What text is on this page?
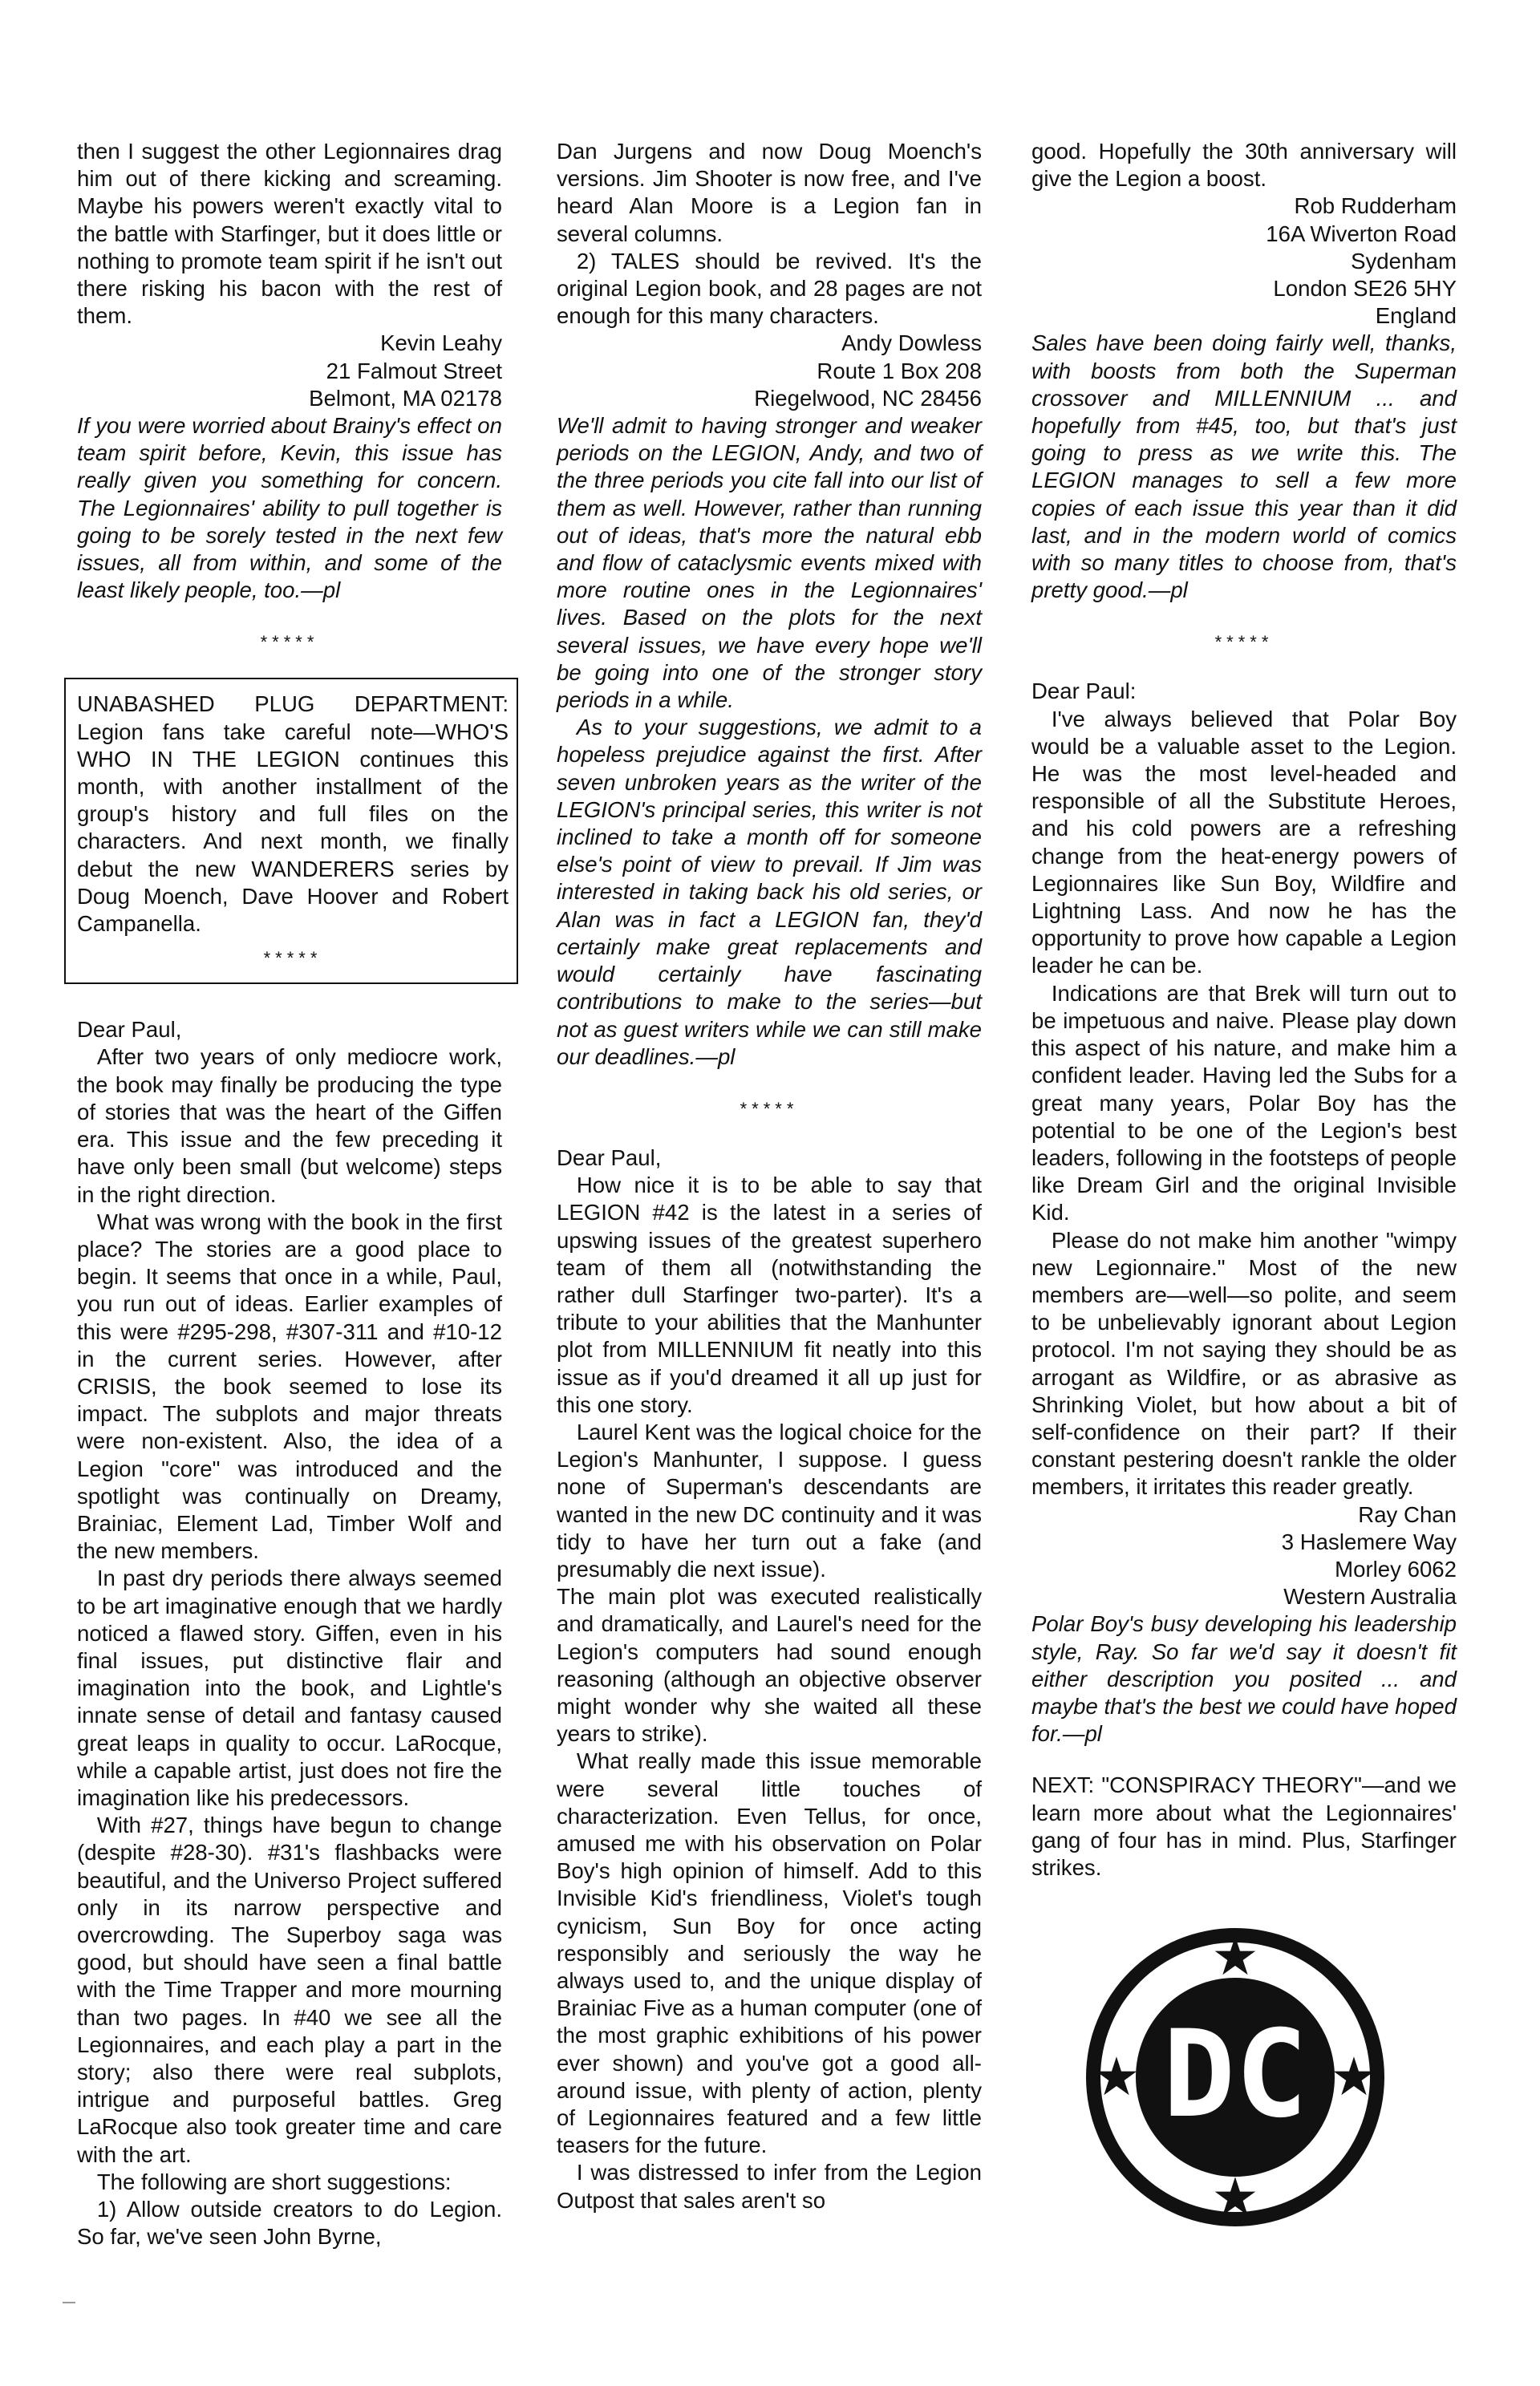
then I suggest the other Legionnaires drag him out of there kicking and screaming. Maybe his powers weren't exactly vital to the battle with Starfinger, but it does little or nothing to promote team spirit if he isn't out there risking his bacon with the rest of them.

Kevin Leahy

21 Falmout Street

Belmont, MA 02178

If you were worried about Brainy's effect on team spirit before, Kevin, this issue has really given you something for concern. The Legionnaires' ability to pull together is going to be sorely tested in the next few issues, all from within, and some of the least likely people, too.—pl

*****

UNABASHED PLUG DEPARTMENT: Legion fans take careful note—WHO'S WHO IN THE LEGION continues this month, with another installment of the group's history and full files on the characters. And next month, we finally debut the new WANDERERS series by Doug Moench, Dave Hoover and Robert Campanella.

*****

Dear Paul,

After two years of only mediocre work, the book may finally be producing the type of stories that was the heart of the Giffen era. This issue and the few preceding it have only been small (but welcome) steps in the right direction.

What was wrong with the book in the first place? The stories are a good place to begin. It seems that once in a while, Paul, you run out of ideas. Earlier examples of this were #295-298, #307-311 and #10-12 in the current series. However, after CRISIS, the book seemed to lose its impact. The subplots and major threats were non-existent. Also, the idea of a Legion "core" was introduced and the spotlight was continually on Dreamy, Brainiac, Element Lad, Timber Wolf and the new members.

In past dry periods there always seemed to be art imaginative enough that we hardly noticed a flawed story. Giffen, even in his final issues, put distinctive flair and imagination into the book, and Lightle's innate sense of detail and fantasy caused great leaps in quality to occur. LaRocque, while a capable artist, just does not fire the imagination like his predecessors.

With #27, things have begun to change (despite #28-30). #31's flashbacks were beautiful, and the Universo Project suffered only in its narrow perspective and overcrowding. The Superboy saga was good, but should have seen a final battle with the Time Trapper and more mourning than two pages. In #40 we see all the Legionnaires, and each play a part in the story; also there were real subplots, intrigue and purposeful battles. Greg LaRocque also took greater time and care with the art.

The following are short suggestions:

1) Allow outside creators to do Legion. So far, we've seen John Byrne,

Dan Jurgens and now Doug Moench's versions. Jim Shooter is now free, and I've heard Alan Moore is a Legion fan in several columns.

2) TALES should be revived. It's the original Legion book, and 28 pages are not enough for this many characters.

Andy Dowless

Route 1 Box 208

Riegelwood, NC 28456

We'll admit to having stronger and weaker periods on the LEGION, Andy, and two of the three periods you cite fall into our list of them as well. However, rather than running out of ideas, that's more the natural ebb and flow of cataclysmic events mixed with more routine ones in the Legionnaires' lives. Based on the plots for the next several issues, we have every hope we'll be going into one of the stronger story periods in a while.

As to your suggestions, we admit to a hopeless prejudice against the first. After seven unbroken years as the writer of the LEGION's principal series, this writer is not inclined to take a month off for someone else's point of view to prevail. If Jim was interested in taking back his old series, or Alan was in fact a LEGION fan, they'd certainly make great replacements and would certainly have fascinating contributions to make to the series—but not as guest writers while we can still make our deadlines.—pl

*****

Dear Paul,

How nice it is to be able to say that LEGION #42 is the latest in a series of upswing issues of the greatest superhero team of them all (notwithstanding the rather dull Starfinger two-parter). It's a tribute to your abilities that the Manhunter plot from MILLENNIUM fit neatly into this issue as if you'd dreamed it all up just for this one story.

Laurel Kent was the logical choice for the Legion's Manhunter, I suppose. I guess none of Superman's descendants are wanted in the new DC continuity and it was tidy to have her turn out a fake (and presumably die next issue).

The main plot was executed realistically and dramatically, and Laurel's need for the Legion's computers had sound enough reasoning (although an objective observer might wonder why she waited all these years to strike).

What really made this issue memorable were several little touches of characterization. Even Tellus, for once, amused me with his observation on Polar Boy's high opinion of himself. Add to this Invisible Kid's friendliness, Violet's tough cynicism, Sun Boy for once acting responsibly and seriously the way he always used to, and the unique display of Brainiac Five as a human computer (one of the most graphic exhibitions of his power ever shown) and you've got a good all-around issue, with plenty of action, plenty of Legionnaires featured and a few little teasers for the future.

I was distressed to infer from the Legion Outpost that sales aren't so

good. Hopefully the 30th anniversary will give the Legion a boost.

Rob Rudderham

16A Wiverton Road

Sydenham

London SE26 5HY

England

Sales have been doing fairly well, thanks, with boosts from both the Superman crossover and MILLENNIUM ... and hopefully from #45, too, but that's just going to press as we write this. The LEGION manages to sell a few more copies of each issue this year than it did last, and in the modern world of comics with so many titles to choose from, that's pretty good.—pl

*****

Dear Paul:

I've always believed that Polar Boy would be a valuable asset to the Legion. He was the most level-headed and responsible of all the Substitute Heroes, and his cold powers are a refreshing change from the heat-energy powers of Legionnaires like Sun Boy, Wildfire and Lightning Lass. And now he has the opportunity to prove how capable a Legion leader he can be.

Indications are that Brek will turn out to be impetuous and naive. Please play down this aspect of his nature, and make him a confident leader. Having led the Subs for a great many years, Polar Boy has the potential to be one of the Legion's best leaders, following in the footsteps of people like Dream Girl and the original Invisible Kid.

Please do not make him another "wimpy new Legionnaire." Most of the new members are—well—so polite, and seem to be unbelievably ignorant about Legion protocol. I'm not saying they should be as arrogant as Wildfire, or as abrasive as Shrinking Violet, but how about a bit of self-confidence on their part? If their constant pestering doesn't rankle the older members, it irritates this reader greatly.

Ray Chan

3 Haslemere Way

Morley 6062

Western Australia

Polar Boy's busy developing his leadership style, Ray. So far we'd say it doesn't fit either description you posited ... and maybe that's the best we could have hoped for.—pl

NEXT: "CONSPIRACY THEORY"—and we learn more about what the Legionnaires' gang of four has in mind. Plus, Starfinger strikes.

★
★
★	★
DC
